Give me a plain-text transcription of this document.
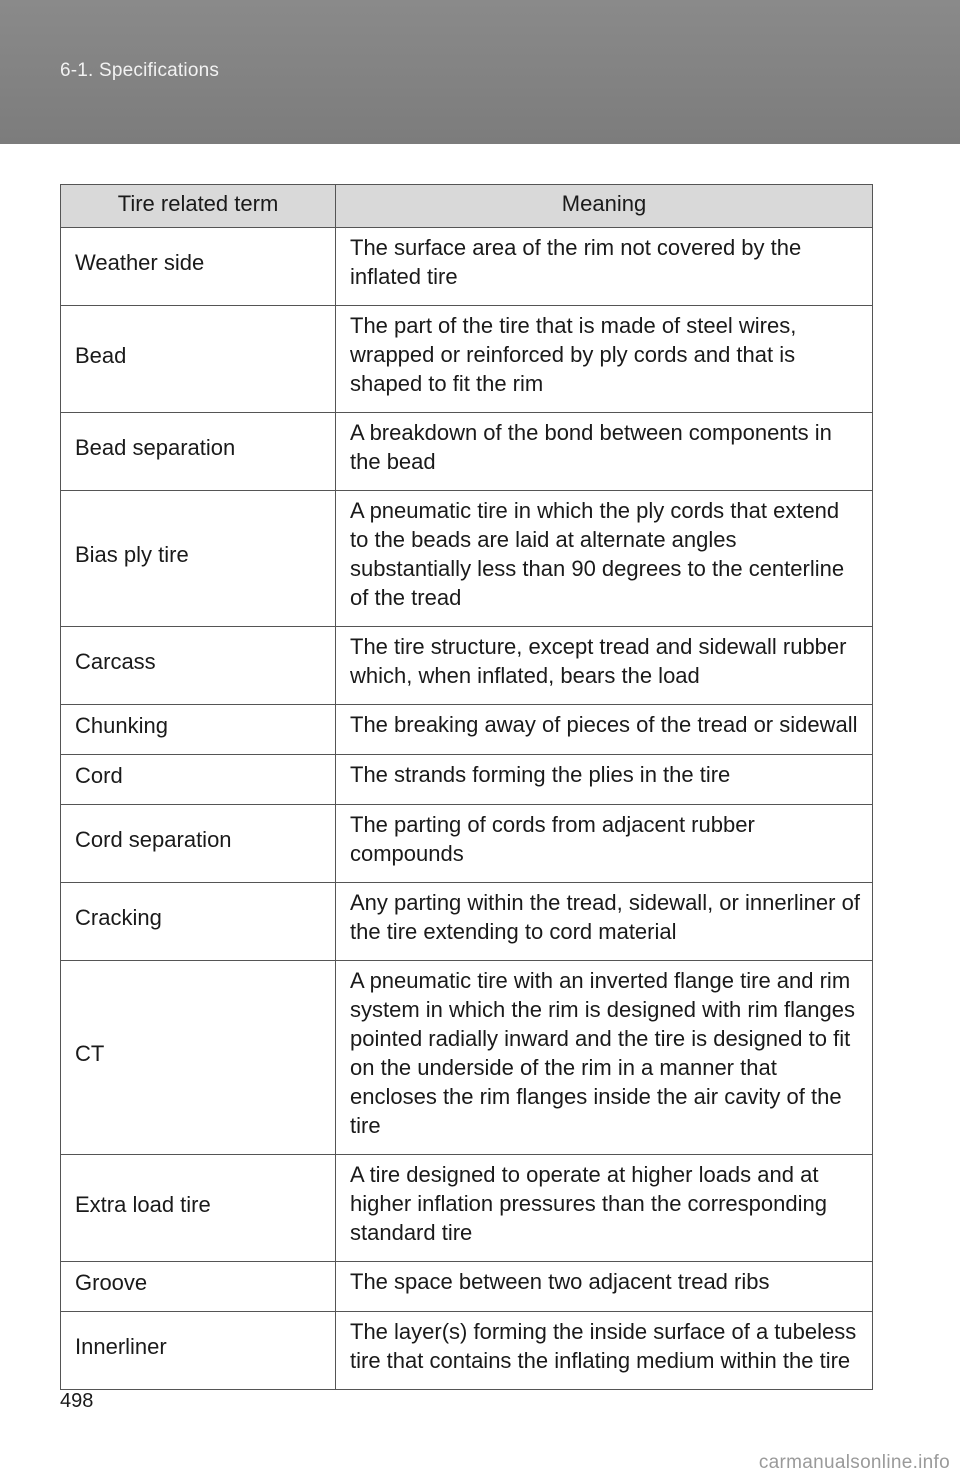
6-1. Specifications
Tire related term	Meaning
Weather side	The surface area of the rim not covered by the inflated tire
Bead	The part of the tire that is made of steel wires, wrapped or reinforced by ply cords and that is shaped to fit the rim
Bead separation	A breakdown of the bond between components in the bead
Bias ply tire	A pneumatic tire in which the ply cords that extend to the beads are laid at alternate angles substantially less than 90 degrees to the centerline of the tread
Carcass	The tire structure, except tread and sidewall rubber which, when inflated, bears the load
Chunking	The breaking away of pieces of the tread or sidewall
Cord	The strands forming the plies in the tire
Cord separation	The parting of cords from adjacent rubber compounds
Cracking	Any parting within the tread, sidewall, or innerliner of the tire extending to cord material
CT	A pneumatic tire with an inverted flange tire and rim system in which the rim is designed with rim flanges pointed radially inward and the tire is designed to fit on the underside of the rim in a manner that encloses the rim flanges inside the air cavity of the tire
Extra load tire	A tire designed to operate at higher loads and at higher inflation pressures than the corresponding standard tire
Groove	The space between two adjacent tread ribs
Innerliner	The layer(s) forming the inside surface of a tubeless tire that contains the inflating medium within the tire
498
carmanualsonline.info
